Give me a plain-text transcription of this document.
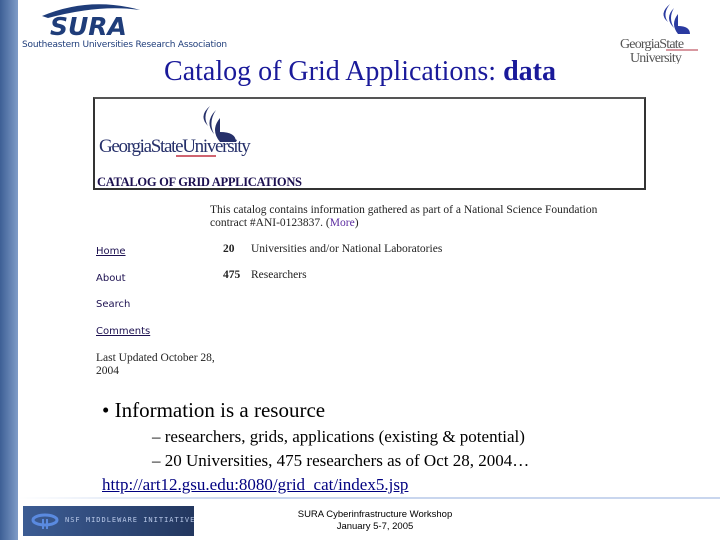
SURA
Southeastern Universities Research Association	GeorgiaState
University
Catalog of Grid Applications: data
GeorgiaStateUniversity
CATALOG OF GRID APPLICATIONS
This catalog contains information gathered as part of a National Science Foundation contract #ANI-0123837. (More)
Home
About
Search
Comments
20 Universities and/or National Laboratories
475 Researchers
Last Updated October 28, 2004
• Information is a resource
– researchers, grids, applications (existing & potential)
– 20 Universities, 475 researchers as of Oct 28, 2004…
http://art12.gsu.edu:8080/grid_cat/index5.jsp
NSF MIDDLEWARE INITIATIVE	SURA Cyberinfrastructure Workshop
January 5-7, 2005
